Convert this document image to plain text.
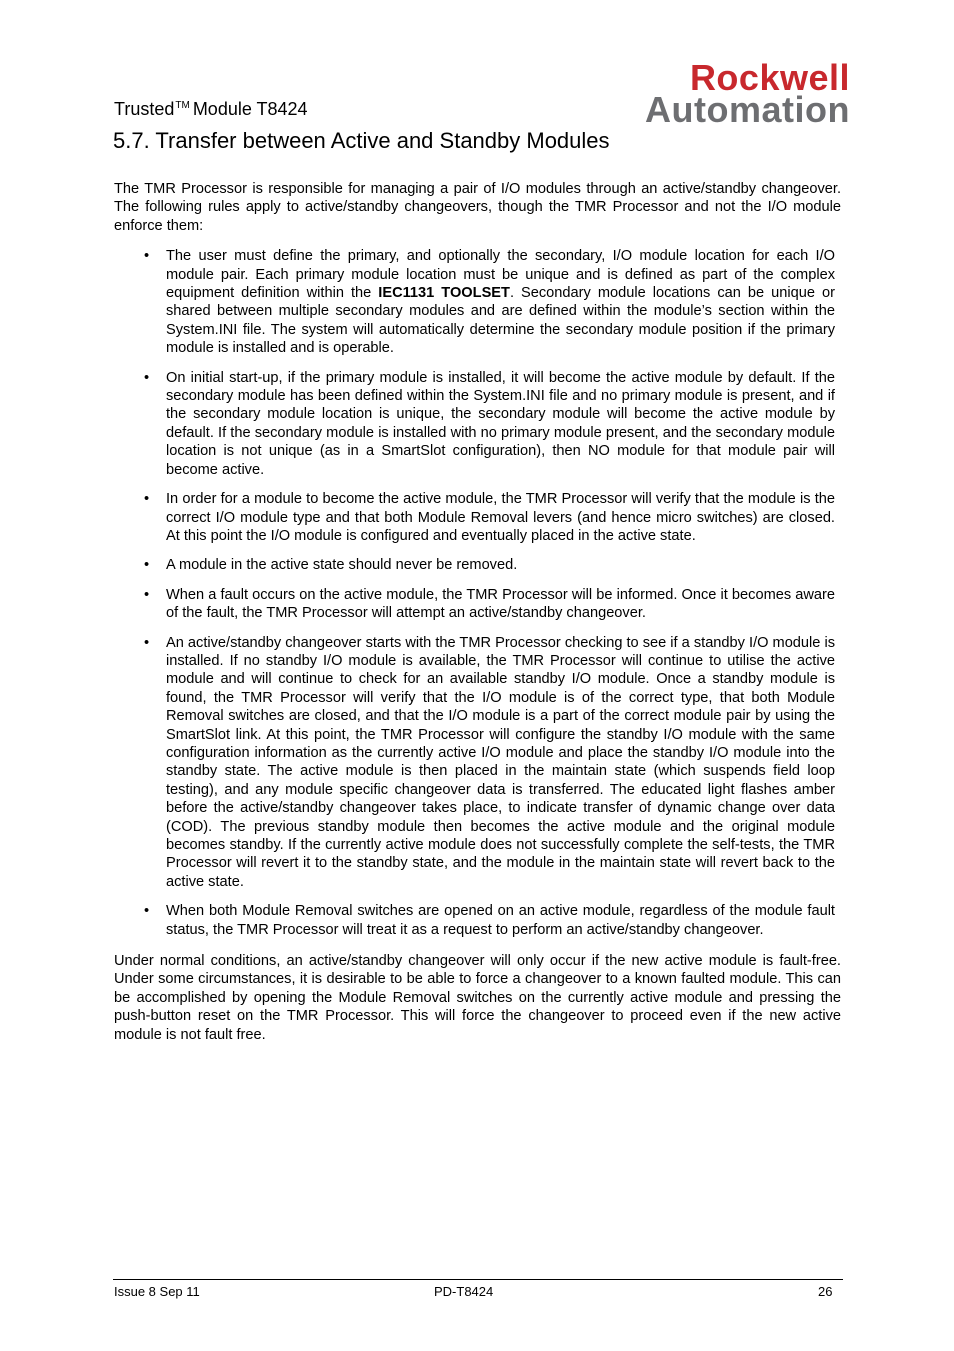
Rockwell
Automation
Trusted™ Module T8424
5.7. Transfer between Active and Standby Modules

The TMR Processor is responsible for managing a pair of I/O modules through an active/standby changeover. The following rules apply to active/standby changeovers, though the TMR Processor and not the I/O module enforce them:

• The user must define the primary, and optionally the secondary, I/O module location for each I/O module pair. Each primary module location must be unique and is defined as part of the complex equipment definition within the IEC1131 TOOLSET. Secondary module locations can be unique or shared between multiple secondary modules and are defined within the module’s section within the System.INI file. The system will automatically determine the secondary module position if the primary module is installed and is operable.
• On initial start-up, if the primary module is installed, it will become the active module by default. If the secondary module has been defined within the System.INI file and no primary module is present, and if the secondary module location is unique, the secondary module will become the active module by default. If the secondary module is installed with no primary module present, and the secondary module location is not unique (as in a SmartSlot configuration), then NO module for that module pair will become active.
• In order for a module to become the active module, the TMR Processor will verify that the module is the correct I/O module type and that both Module Removal levers (and hence micro switches) are closed. At this point the I/O module is configured and eventually placed in the active state.
• A module in the active state should never be removed.
• When a fault occurs on the active module, the TMR Processor will be informed. Once it becomes aware of the fault, the TMR Processor will attempt an active/standby changeover.
• An active/standby changeover starts with the TMR Processor checking to see if a standby I/O module is installed. If no standby I/O module is available, the TMR Processor will continue to utilise the active module and will continue to check for an available standby I/O module. Once a standby module is found, the TMR Processor will verify that the I/O module is of the correct type, that both Module Removal switches are closed, and that the I/O module is a part of the correct module pair by using the SmartSlot link. At this point, the TMR Processor will configure the standby I/O module with the same configuration information as the currently active I/O module and place the standby I/O module into the standby state. The active module is then placed in the maintain state (which suspends field loop testing), and any module specific changeover data is transferred. The educated light flashes amber before the active/standby changeover takes place, to indicate transfer of dynamic change over data (COD). The previous standby module then becomes the active module and the original module becomes standby. If the currently active module does not successfully complete the self-tests, the TMR Processor will revert it to the standby state, and the module in the maintain state will revert back to the active state.
• When both Module Removal switches are opened on an active module, regardless of the module fault status, the TMR Processor will treat it as a request to perform an active/standby changeover.

Under normal conditions, an active/standby changeover will only occur if the new active module is fault-free. Under some circumstances, it is desirable to be able to force a changeover to a known faulted module. This can be accomplished by opening the Module Removal switches on the currently active module and pressing the push-button reset on the TMR Processor. This will force the changeover to proceed even if the new active module is not fault free.

Issue 8 Sep 11	PD-T8424	26
